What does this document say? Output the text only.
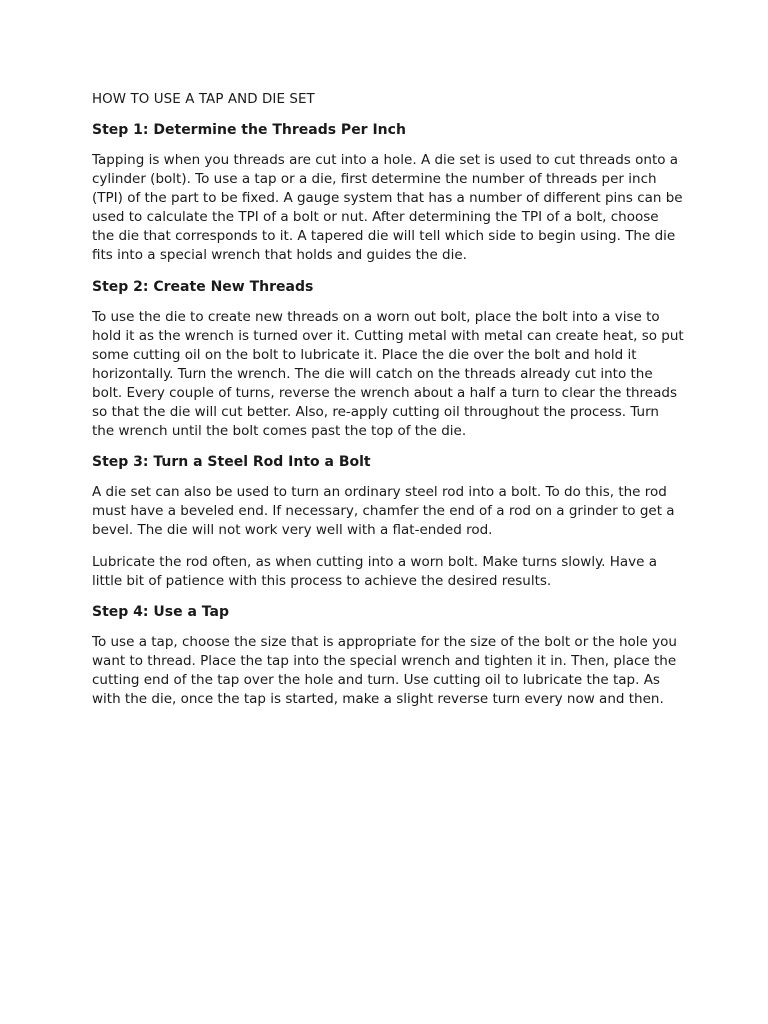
HOW TO USE A TAP AND DIE SET
Step 1: Determine the Threads Per Inch

Tapping is when you threads are cut into a hole. A die set is used to cut threads onto a cylinder (bolt). To use a tap or a die, first determine the number of threads per inch (TPI) of the part to be fixed. A gauge system that has a number of different pins can be used to calculate the TPI of a bolt or nut. After determining the TPI of a bolt, choose the die that corresponds to it. A tapered die will tell which side to begin using. The die fits into a special wrench that holds and guides the die.

Step 2: Create New Threads

To use the die to create new threads on a worn out bolt, place the bolt into a vise to hold it as the wrench is turned over it. Cutting metal with metal can create heat, so put some cutting oil on the bolt to lubricate it. Place the die over the bolt and hold it horizontally. Turn the wrench. The die will catch on the threads already cut into the bolt. Every couple of turns, reverse the wrench about a half a turn to clear the threads so that the die will cut better. Also, re-apply cutting oil throughout the process. Turn the wrench until the bolt comes past the top of the die.

Step 3: Turn a Steel Rod Into a Bolt

A die set can also be used to turn an ordinary steel rod into a bolt. To do this, the rod must have a beveled end. If necessary, chamfer the end of a rod on a grinder to get a bevel. The die will not work very well with a flat-ended rod.

Lubricate the rod often, as when cutting into a worn bolt. Make turns slowly. Have a little bit of patience with this process to achieve the desired results.

Step 4: Use a Tap

To use a tap, choose the size that is appropriate for the size of the bolt or the hole you want to thread. Place the tap into the special wrench and tighten it in. Then, place the cutting end of the tap over the hole and turn. Use cutting oil to lubricate the tap. As with the die, once the tap is started, make a slight reverse turn every now and then.
